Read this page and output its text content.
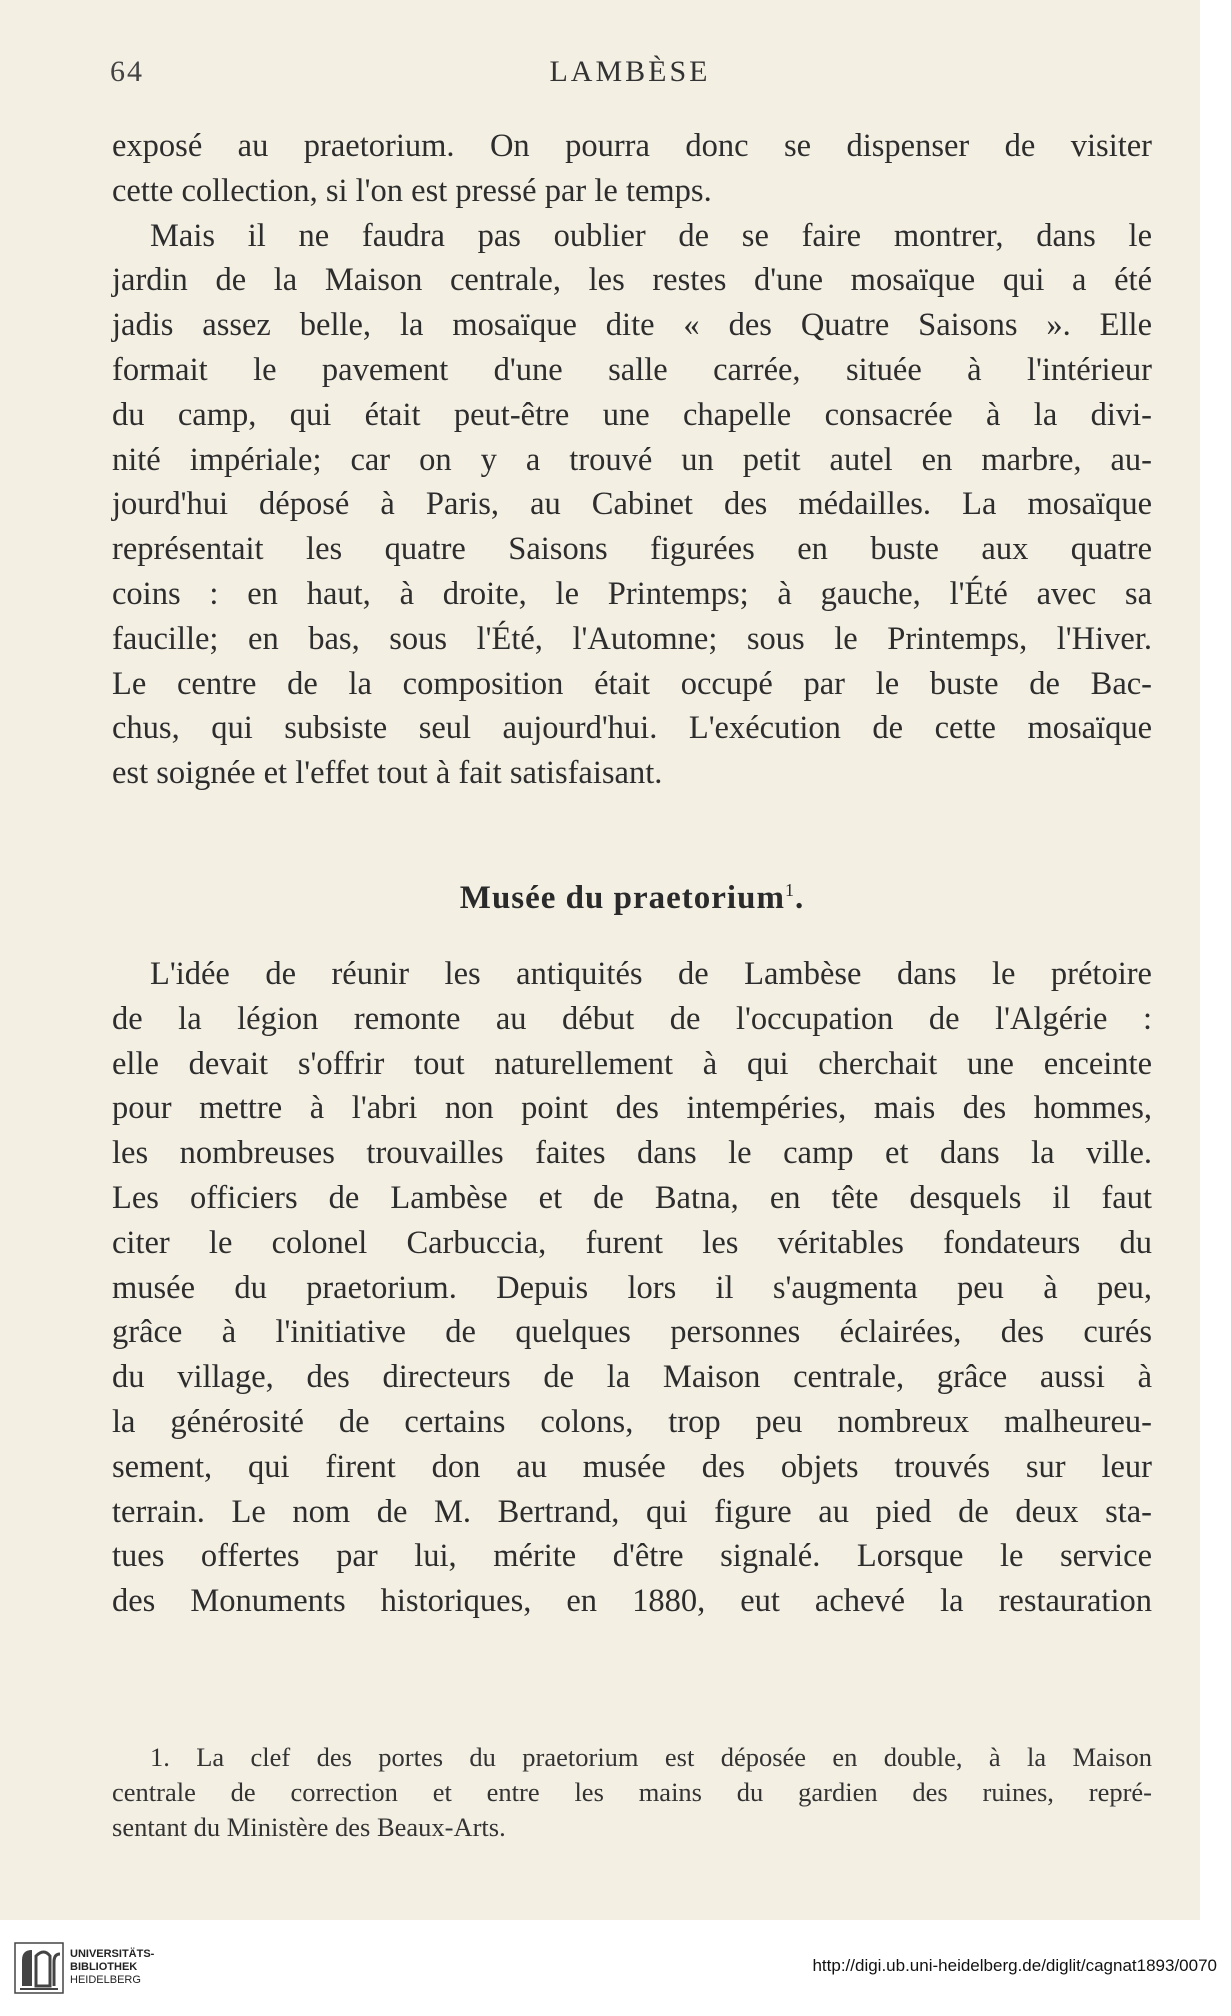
64	LAMBÈSE
exposé au praetorium. On pourra donc se dispenser de visiter
cette collection, si l'on est pressé par le temps.
Mais il ne faudra pas oublier de se faire montrer, dans le
jardin de la Maison centrale, les restes d'une mosaïque qui a été
jadis assez belle, la mosaïque dite « des Quatre Saisons ». Elle
formait le pavement d'une salle carrée, située à l'intérieur
du camp, qui était peut-être une chapelle consacrée à la divi-
nité impériale; car on y a trouvé un petit autel en marbre, au-
jourd'hui déposé à Paris, au Cabinet des médailles. La mosaïque
représentait les quatre Saisons figurées en buste aux quatre
coins : en haut, à droite, le Printemps; à gauche, l'Été avec sa
faucille; en bas, sous l'Été, l'Automne; sous le Printemps, l'Hiver.
Le centre de la composition était occupé par le buste de Bac-
chus, qui subsiste seul aujourd'hui. L'exécution de cette mosaïque
est soignée et l'effet tout à fait satisfaisant.
Musée du praetorium$^1$.
L'idée de réunir les antiquités de Lambèse dans le prétoire
de la légion remonte au début de l'occupation de l'Algérie :
elle devait s'offrir tout naturellement à qui cherchait une enceinte
pour mettre à l'abri non point des intempéries, mais des hommes,
les nombreuses trouvailles faites dans le camp et dans la ville.
Les officiers de Lambèse et de Batna, en tête desquels il faut
citer le colonel Carbuccia, furent les véritables fondateurs du
musée du praetorium. Depuis lors il s'augmenta peu à peu,
grâce à l'initiative de quelques personnes éclairées, des curés
du village, des directeurs de la Maison centrale, grâce aussi à
la générosité de certains colons, trop peu nombreux malheureu-
sement, qui firent don au musée des objets trouvés sur leur
terrain. Le nom de M. Bertrand, qui figure au pied de deux sta-
tues offertes par lui, mérite d'être signalé. Lorsque le service
des Monuments historiques, en 1880, eut achevé la restauration
1. La clef des portes du praetorium est déposée en double, à la Maison
centrale de correction et entre les mains du gardien des ruines, repré-
sentant du Ministère des Beaux-Arts.
UNIVERSITÄTS-
BIBLIOTHEK
HEIDELBERG
http://digi.ub.uni-heidelberg.de/diglit/cagnat1893/0070
